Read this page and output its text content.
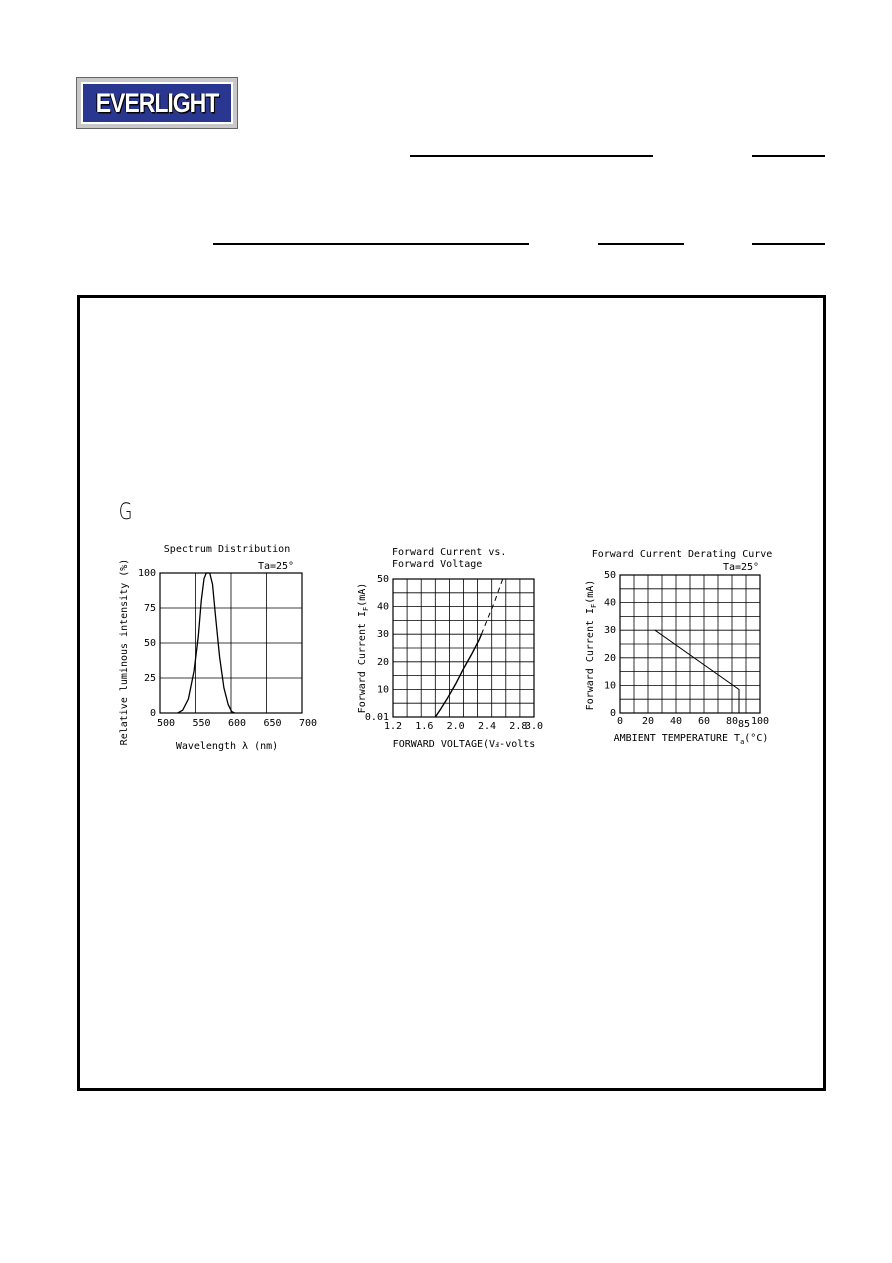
EVERLIGHT
G
Spectrum Distribution
Ta=25°
Wavelength λ (nm)
Relative luminous intensity (%)	500 550 600 650 700
0
25
50
75
100
Forward Current vs.
Forward Voltage
FORWARD VOLTAGE(Vⅎ-volts
Forward Current $I_F(mA)$
1.2 1.6 2.0 2.4 2.8
3.0
0.01
10
20
30
40
50
Forward Current Derating Curve
Ta=25°
AMBIENT TEMPERATURE $T_a(^\circ C)$
Forward Current $I_F(mA)$
0 20 40 60 80 100
0
10
20
30
40
50
85
